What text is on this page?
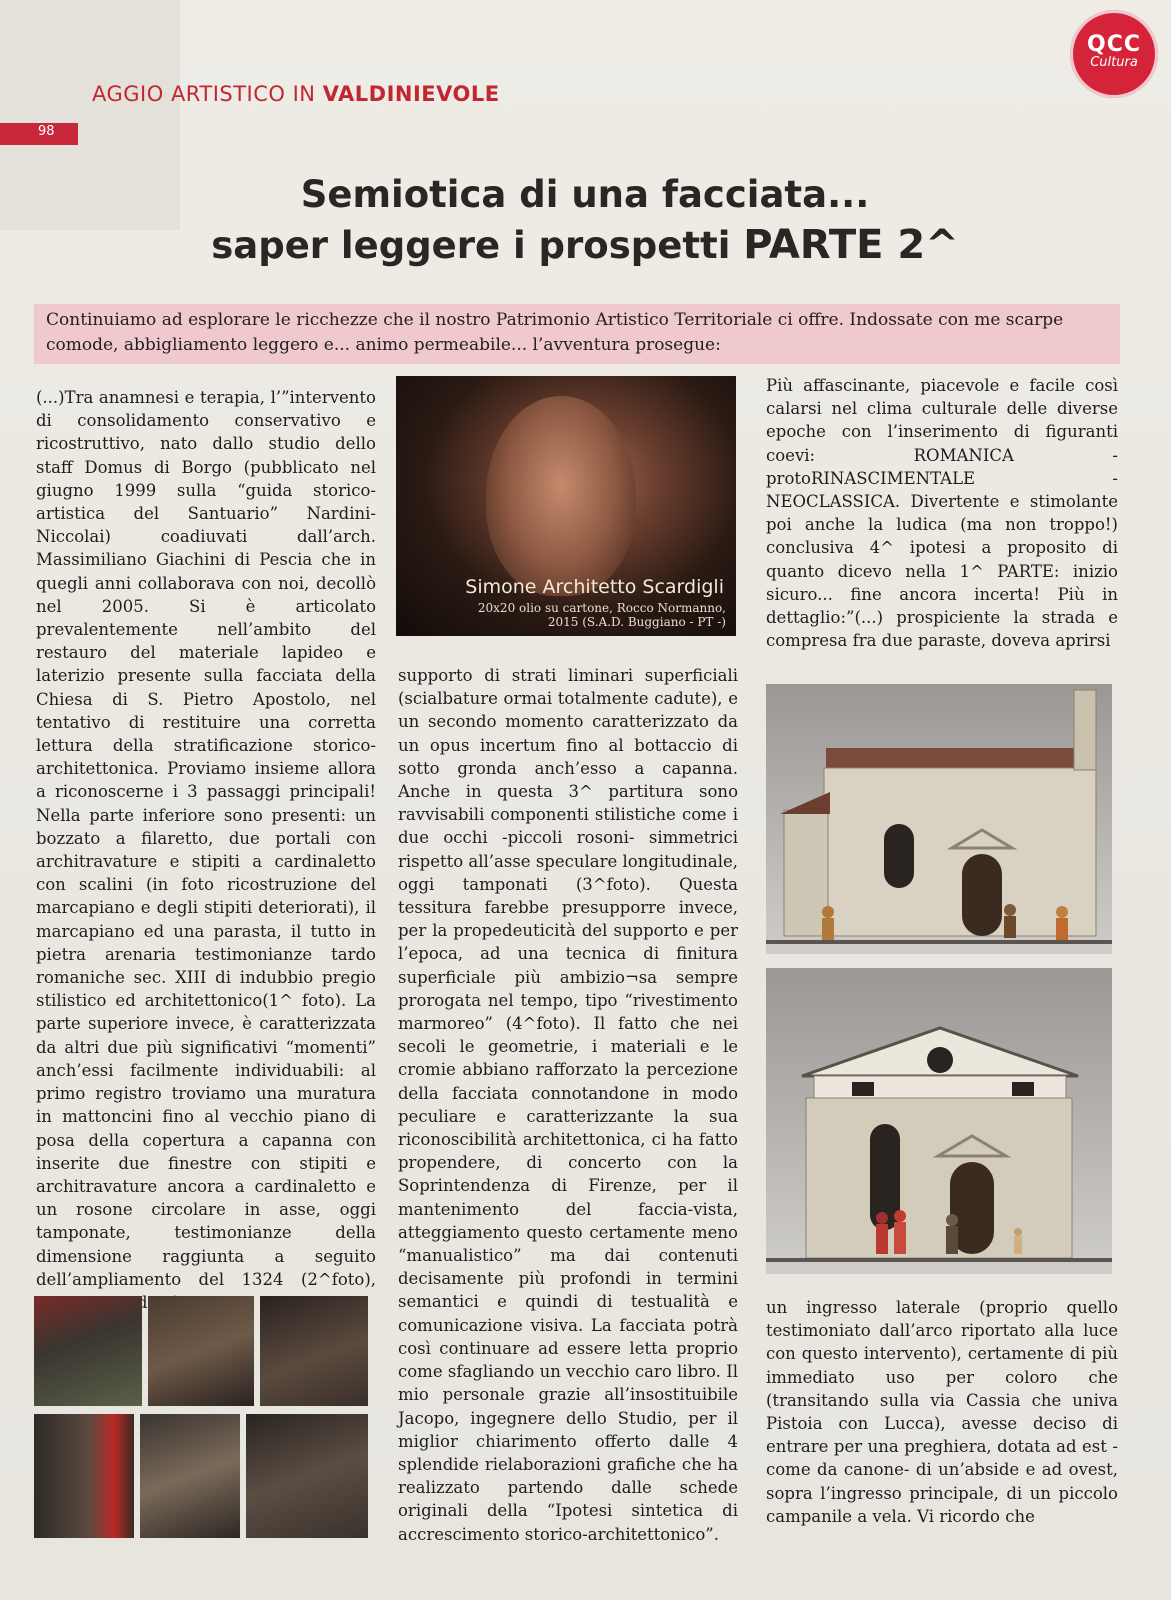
AGGIO ARTISTICO IN VALDINIEVOLE
98
QCC
Cultura
Semiotica di una facciata...
saper leggere i prospetti PARTE 2^
Continuiamo ad esplorare le ricchezze che il nostro Patrimonio Artistico Territoriale ci offre. Indossate con me scarpe comode, abbigliamento leggero e... animo permeabile... l’avventura prosegue:
(...)Tra anamnesi e terapia, l’”intervento di consolidamento conservativo e ricostruttivo, nato dallo studio dello staff Domus di Borgo (pubblicato nel giugno 1999 sulla “guida storico-artistica del Santuario” Nardini-Niccolai) coadiuvati dall’arch. Massimiliano Giachini di Pescia che in quegli anni collaborava con noi, decollò nel 2005. Si è articolato prevalentemente nell’ambito del restauro del materiale lapideo e laterizio presente sulla facciata della Chiesa di S. Pietro Apostolo, nel tentativo di restituire una corretta lettura della stratificazione storico-architettonica. Proviamo insieme allora a riconoscerne i 3 passaggi principali! Nella parte inferiore sono presenti: un bozzato a filaretto, due portali con architravature e stipiti a cardinaletto con scalini (in foto ricostruzione del marcapiano e degli stipiti deteriorati), il marcapiano ed una parasta, il tutto in pietra arenaria testimonianze tardo romaniche sec. XIII di indubbio pregio stilistico ed architettonico(1^ foto). La parte superiore invece, è caratterizzata da altri due più significativi “momenti” anch’essi facilmente individuabili: al primo registro troviamo una muratura in mattoncini fino al vecchio piano di posa della copertura a capanna con inserite due finestre con stipiti e architravature ancora a cardinaletto e un rosone circolare in asse, oggi tamponate, testimonianze della dimensione raggiunta a seguito dell’ampliamento del 1324 (2^foto),
Simone Architetto Scardigli
20x20 olio su cartone, Rocco Normanno,
2015 (S.A.D. Buggiano - PT -)
supporto di strati liminari superficiali (scialbature ormai totalmente cadute), e un secondo momento caratterizzato da un opus incertum fino al bottaccio di sotto gronda anch’esso a capanna. Anche in questa 3^ partitura sono ravvisabili componenti stilistiche come i due occhi -piccoli rosoni- simmetrici rispetto all’asse speculare longitudinale, oggi tamponati (3^foto). Questa tessitura farebbe presupporre invece, per la propedeuticità del supporto e per l’epoca, ad una tecnica di finitura superficiale più ambizio¬sa sempre prorogata nel tempo, tipo “rivestimento marmoreo” (4^foto). Il fatto che nei secoli le geometrie, i materiali e le cromie abbiano rafforzato la percezione della facciata connotandone in modo peculiare e caratterizzante la sua riconoscibilità architettonica, ci ha fatto propendere, di concerto con la Soprintendenza di Firenze, per il mantenimento del faccia-vista, atteggiamento questo certamente meno “manualistico” ma dai contenuti decisamente più profondi in termini semantici e quindi di testualità e comunicazione visiva. La facciata potrà così continuare ad essere letta proprio come sfagliando un vecchio caro libro. Il mio personale grazie all’insostituibile Jacopo, ingegnere dello Studio, per il miglior chiarimento offerto dalle 4 splendide rielaborazioni grafiche che ha realizzato partendo dalle schede originali della “Ipotesi sintetica di accrescimento storico-architettonico”.
Più affascinante, piacevole e facile così calarsi nel clima culturale delle diverse epoche con l’inserimento di figuranti coevi: ROMANICA - protoRINASCIMENTALE - NEOCLASSICA. Divertente e stimolante poi anche la ludica (ma non troppo!) conclusiva 4^ ipotesi a proposito di quanto dicevo nella 1^ PARTE: inizio sicuro... fine ancora incerta! Più in dettaglio:”(...) prospiciente la strada e compresa fra due paraste, doveva aprirsi
un ingresso laterale (proprio quello testimoniato dall’arco riportato alla luce con questo intervento), certamente di più immediato uso per coloro che (transitando sulla via Cassia che univa Pistoia con Lucca), avesse deciso di entrare per una preghiera, dotata ad est -come da canone- di un’abside e ad ovest, sopra l’ingresso principale, di un piccolo campanile a vela. Vi ricordo che
